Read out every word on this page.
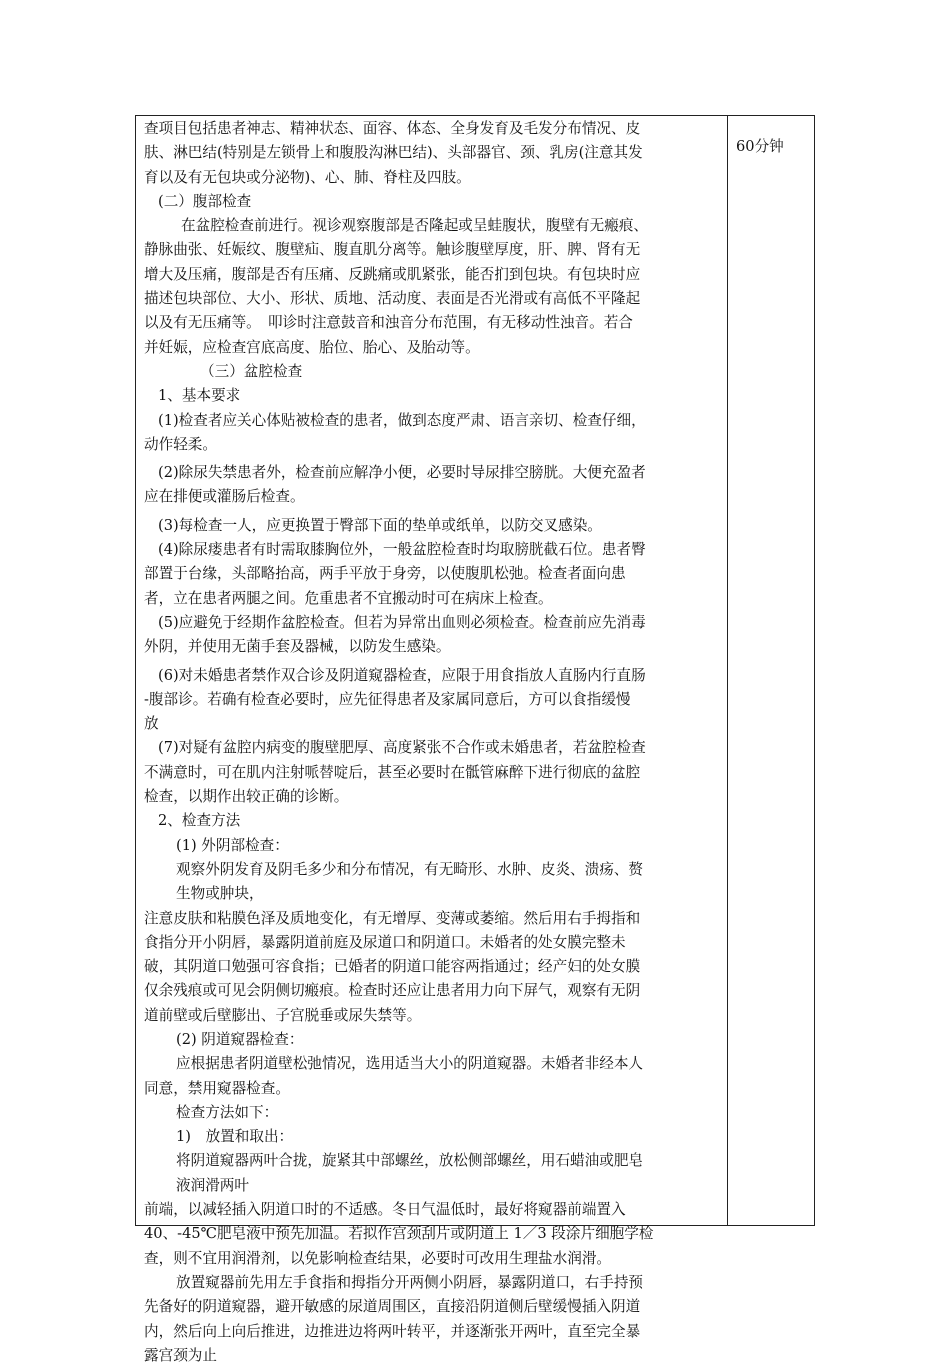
60分钟

查项目包括患者神志、精神状态、面容、体态、全身发育及毛发分布情况、皮

肤、淋巴结(特别是左锁骨上和腹股沟淋巴结)、头部器官、颈、乳房(注意其发

育以及有无包块或分泌物)、心、肺、脊柱及四肢。

(二）腹部检查

在盆腔检查前进行。视诊观察腹部是否隆起或呈蛙腹状，腹壁有无瘢痕、

静脉曲张、妊娠纹、腹壁疝、腹直肌分离等。触诊腹壁厚度，肝、脾、肾有无

增大及压痛，腹部是否有压痛、反跳痛或肌紧张，能否扪到包块。有包块时应

描述包块部位、大小、形状、质地、活动度、表面是否光滑或有高低不平隆起

以及有无压痛等。　叩诊时注意鼓音和浊音分布范围，有无移动性浊音。若合

并妊娠，应检查宫底高度、胎位、胎心、及胎动等。

（三）盆腔检查

1、基本要求

(1)检查者应关心体贴被检查的患者，做到态度严肃、语言亲切、检查仔细，

动作轻柔。

(2)除尿失禁患者外，检查前应解净小便，必要时导尿排空膀胱。大便充盈者

应在排便或灌肠后检查。

(3)每检查一人，应更换置于臀部下面的垫单或纸单，以防交叉感染。

(4)除尿瘘患者有时需取膝胸位外，一般盆腔检查时均取膀胱截石位。患者臀

部置于台缘，头部略抬高，两手平放于身旁，以使腹肌松弛。检查者面向患

者，立在患者两腿之间。危重患者不宜搬动时可在病床上检查。

(5)应避免于经期作盆腔检查。但若为异常出血则必须检查。检查前应先消毒

外阴，并使用无菌手套及器械，以防发生感染。

(6)对未婚患者禁作双合诊及阴道窥器检查，应限于用食指放人直肠内行直肠

-腹部诊。若确有检查必要时，应先征得患者及家属同意后，方可以食指缓慢

放

(7)对疑有盆腔内病变的腹壁肥厚、高度紧张不合作或未婚患者，若盆腔检查

不满意时，可在肌内注射哌替啶后，甚至必要时在骶管麻醉下进行彻底的盆腔

检查，以期作出较正确的诊断。

2、检查方法

(1) 外阴部检查：

观察外阴发育及阴毛多少和分布情况，有无畸形、水肿、皮炎、溃疡、赘

生物或肿块，

注意皮肤和粘膜色泽及质地变化，有无增厚、变薄或萎缩。然后用右手拇指和

食指分开小阴唇，暴露阴道前庭及尿道口和阴道口。未婚者的处女膜完整未

破，其阴道口勉强可容食指；已婚者的阴道口能容两指通过；经产妇的处女膜

仅余残痕或可见会阴侧切瘢痕。检查时还应让患者用力向下屏气，观察有无阴

道前壁或后壁膨出、子宫脱垂或尿失禁等。

(2) 阴道窥器检查：

应根据患者阴道壁松弛情况，选用适当大小的阴道窥器。未婚者非经本人

同意，禁用窥器检查。

检查方法如下：

1)　放置和取出：

将阴道窥器两叶合拢，旋紧其中部螺丝，放松侧部螺丝，用石蜡油或肥皂

液润滑两叶

前端，以减轻插入阴道口时的不适感。冬日气温低时，最好将窥器前端置入

40、-45℃肥皂液中预先加温。若拟作宫颈刮片或阴道上 1／3 段涂片细胞学检

查，则不宜用润滑剂，以免影响检查结果，必要时可改用生理盐水润滑。

放置窥器前先用左手食指和拇指分开两侧小阴唇，暴露阴道口，右手持预

先备好的阴道窥器，避开敏感的尿道周围区，直接沿阴道侧后壁缓慢插入阴道

内，然后向上向后推进，边推进边将两叶转平，并逐渐张开两叶，直至完全暴

露宫颈为止
